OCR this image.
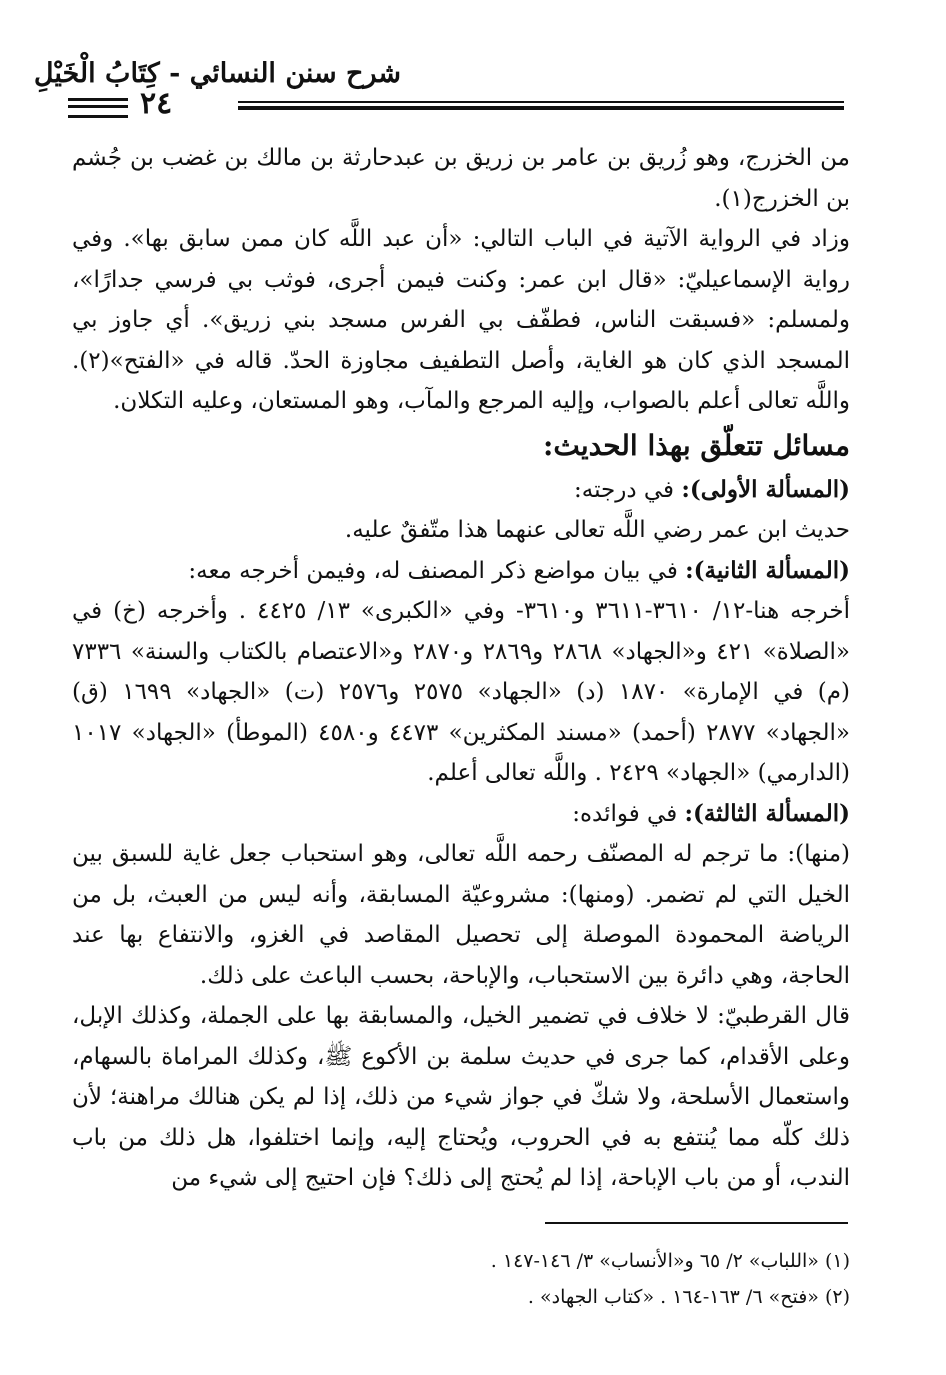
شرح سنن النسائي - كِتَابُ الْخَيْلِ
٢٤

من الخزرج، وهو زُريق بن عامر بن زريق بن عبدحارثة بن مالك بن غضب بن جُشم بن الخزرج(١).

وزاد في الرواية الآتية في الباب التالي: «أن عبد اللَّه كان ممن سابق بها». وفي رواية الإسماعيليّ: «قال ابن عمر: وكنت فيمن أجرى، فوثب بي فرسي جدارًا»، ولمسلم: «فسبقت الناس، فطفّف بي الفرس مسجد بني زريق». أي جاوز بي المسجد الذي كان هو الغاية، وأصل التطفيف مجاوزة الحدّ. قاله في «الفتح»(٢). واللَّه تعالى أعلم بالصواب، وإليه المرجع والمآب، وهو المستعان، وعليه التكلان.

مسائل تتعلّق بهذا الحديث:

(المسألة الأولى): في درجته:

حديث ابن عمر رضي اللَّه تعالى عنهما هذا متّفقٌ عليه.

(المسألة الثانية): في بيان مواضع ذكر المصنف له، وفيمن أخرجه معه:

أخرجه هنا-١٢/ ٣٦١٠-٣٦١١ و٣٦١٠- وفي «الكبرى» ١٣/ ٤٤٢٥ . وأخرجه (خ) في «الصلاة» ٤٢١ و«الجهاد» ٢٨٦٨ و٢٨٦٩ و٢٨٧٠ و«الاعتصام بالكتاب والسنة» ٧٣٣٦ (م) في الإمارة» ١٨٧٠ (د) «الجهاد» ٢٥٧٥ و٢٥٧٦ (ت) «الجهاد» ١٦٩٩ (ق) «الجهاد» ٢٨٧٧ (أحمد) «مسند المكثرين» ٤٤٧٣ و٤٥٨٠ (الموطأ) «الجهاد» ١٠١٧ (الدارمي) «الجهاد» ٢٤٢٩ . واللَّه تعالى أعلم.

(المسألة الثالثة): في فوائده:

(منها): ما ترجم له المصنّف رحمه اللَّه تعالى، وهو استحباب جعل غاية للسبق بين الخيل التي لم تضمر. (ومنها): مشروعيّة المسابقة، وأنه ليس من العبث، بل من الرياضة المحمودة الموصلة إلى تحصيل المقاصد في الغزو، والانتفاع بها عند الحاجة، وهي دائرة بين الاستحباب، والإباحة، بحسب الباعث على ذلك.

قال القرطبيّ: لا خلاف في تضمير الخيل، والمسابقة بها على الجملة، وكذلك الإبل، وعلى الأقدام، كما جرى في حديث سلمة بن الأكوع ﷺ، وكذلك المراماة بالسهام، واستعمال الأسلحة، ولا شكّ في جواز شيء من ذلك، إذا لم يكن هنالك مراهنة؛ لأن ذلك كلّه مما يُنتفع به في الحروب، ويُحتاج إليه، وإنما اختلفوا، هل ذلك من باب الندب، أو من باب الإباحة، إذا لم يُحتج إلى ذلك؟ فإن احتيج إلى شيء من

(١) «اللباب» ٢/ ٦٥ و«الأنساب» ٣/ ١٤٦-١٤٧ .

(٢) «فتح» ٦/ ١٦٣-١٦٤ . «كتاب الجهاد» .
